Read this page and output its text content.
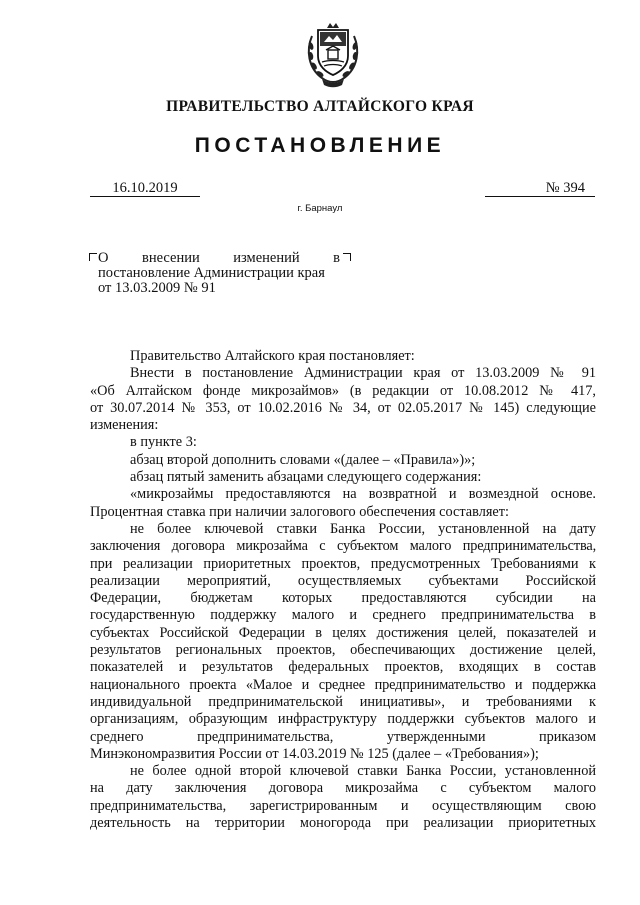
ПРАВИТЕЛЬСТВО АЛТАЙСКОГО КРАЯ
ПОСТАНОВЛЕНИЕ
16.10.2019	№ 394
г. Барнаул
О внесении изменений в
постановление Администрации края
от 13.03.2009 № 91

Правительство Алтайского края постановляет:

Внести в постановление Администрации края от 13.03.2009 № 91

«Об Алтайском фонде микрозаймов» (в редакции от 10.08.2012 № 417,

от 30.07.2014 № 353, от 10.02.2016 № 34, от 02.05.2017 № 145) следующие

изменения:

в пункте 3:

абзац второй дополнить словами «(далее – «Правила»)»;

абзац пятый заменить абзацами следующего содержания:

«микрозаймы предоставляются на возвратной и возмездной основе.

Процентная ставка при наличии залогового обеспечения составляет:

не более ключевой ставки Банка России, установленной на дату

заключения договора микрозайма с субъектом малого предпринимательства,

при реализации приоритетных проектов, предусмотренных Требованиями к

реализации мероприятий, осуществляемых субъектами Российской

Федерации, бюджетам которых предоставляются субсидии на

государственную поддержку малого и среднего предпринимательства в

субъектах Российской Федерации в целях достижения целей, показателей и

результатов региональных проектов, обеспечивающих достижение целей,

показателей и результатов федеральных проектов, входящих в состав

национального проекта «Малое и среднее предпринимательство и поддержка

индивидуальной предпринимательской инициативы», и требованиями к

организациям, образующим инфраструктуру поддержки субъектов малого и

среднего предпринимательства, утвержденными приказом

Минэкономразвития России от 14.03.2019 № 125 (далее – «Требования»);

не более одной второй ключевой ставки Банка России, установленной

на дату заключения договора микрозайма с субъектом малого

предпринимательства, зарегистрированным и осуществляющим свою

деятельность на территории моногорода при реализации приоритетных
